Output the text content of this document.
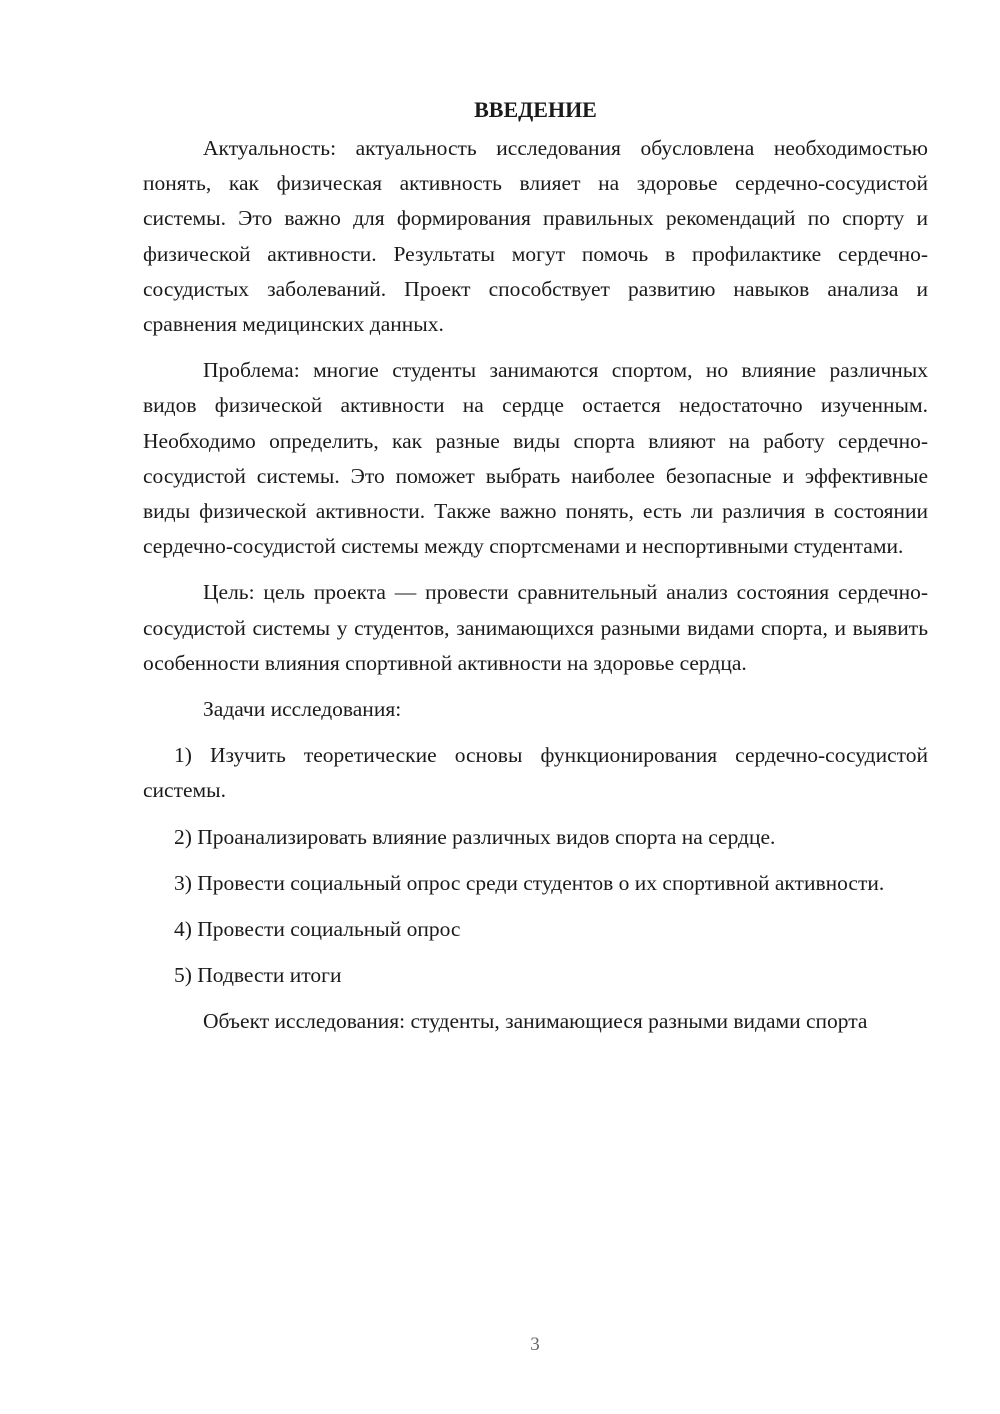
ВВЕДЕНИЕ

Актуальность: актуальность исследования обусловлена необходимостью понять, как физическая активность влияет на здоровье сердечно-сосудистой системы. Это важно для формирования правильных рекомендаций по спорту и физической активности. Результаты могут помочь в профилактике сердечно-сосудистых заболеваний. Проект способствует развитию навыков анализа и сравнения медицинских данных.

Проблема: многие студенты занимаются спортом, но влияние различных видов физической активности на сердце остается недостаточно изученным. Необходимо определить, как разные виды спорта влияют на работу сердечно-сосудистой системы. Это поможет выбрать наиболее безопасные и эффективные виды физической активности. Также важно понять, есть ли различия в состоянии сердечно-сосудистой системы между спортсменами и неспортивными студентами.

Цель: цель проекта — провести сравнительный анализ состояния сердечно-сосудистой системы у студентов, занимающихся разными видами спорта, и выявить особенности влияния спортивной активности на здоровье сердца.

Задачи исследования:

1) Изучить теоретические основы функционирования сердечно-сосудистой системы.

2) Проанализировать влияние различных видов спорта на сердце.

3) Провести социальный опрос среди студентов о их спортивной активности.

4) Провести социальный опрос

5) Подвести итоги

Объект исследования: студенты, занимающиеся разными видами спорта

3
